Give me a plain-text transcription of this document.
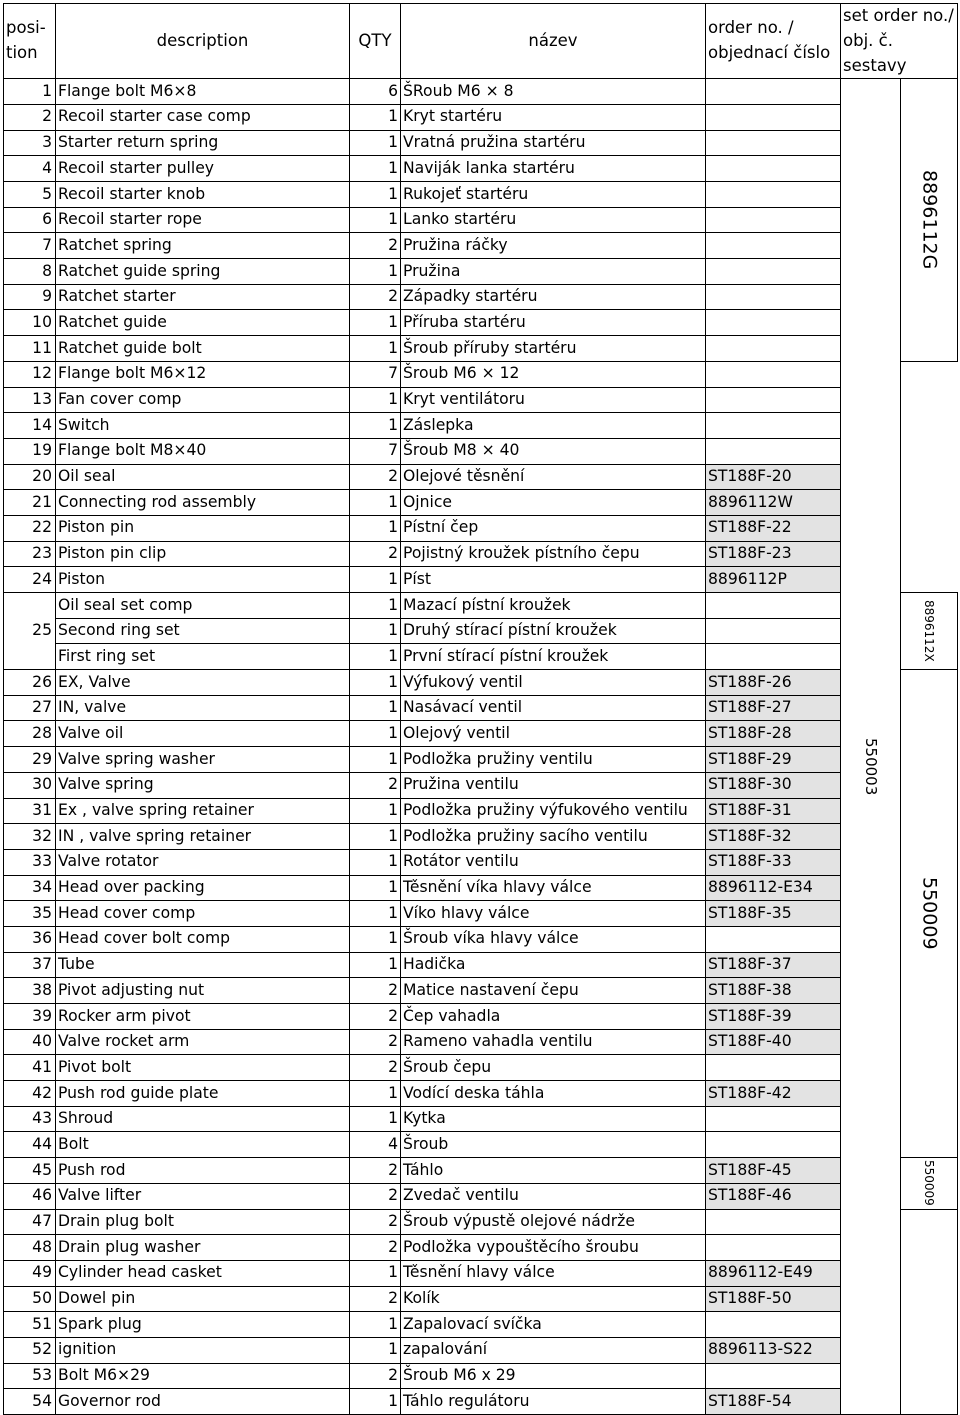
posi-
tion	description	QTY	název	order no. /
objednací číslo	set order no./
obj. č. sestavy	
1	Flange bolt M6×8	6	ŠRoub M6 × 8		550003	8896112G

2	Recoil starter case comp	1	Kryt startéru			
3	Starter return spring	1	Vratná pružina startéru			
4	Recoil starter pulley	1	Naviják lanka startéru			
5	Recoil starter knob	1	Rukojeť startéru			
6	Recoil starter rope	1	Lanko startéru			
7	Ratchet spring	2	Pružina ráčky			
8	Ratchet guide spring	1	Pružina			
9	Ratchet starter	2	Západky startéru			
10	Ratchet guide	1	Příruba startéru			
11	Ratchet guide bolt	1	Šroub příruby startéru			
12	Flange bolt M6×12	7	Šroub M6 × 12			
13	Fan cover comp	1	Kryt ventilátoru			
14	Switch	1	Záslepka			
19	Flange bolt M8×40	7	Šroub M8 × 40			
20	Oil seal	2	Olejové těsnění	ST188F-20		
21	Connecting rod assembly	1	Ojnice	8896112W		
22	Piston pin	1	Pístní čep	ST188F-22		
23	Piston pin clip	2	Pojistný kroužek pístního čepu	ST188F-23		
24	Piston	1	Píst	8896112P		
25	Oil seal set comp	1	Mazací pístní kroužek			8896112X

	Second ring set	1	Druhý stírací pístní kroužek			
	First ring set	1	První stírací pístní kroužek			
26	EX, Valve	1	Výfukový ventil	ST188F-26		550009

27	IN, valve	1	Nasávací ventil	ST188F-27		
28	Valve oil	1	Olejový ventil	ST188F-28		
29	Valve spring washer	1	Podložka pružiny ventilu	ST188F-29		
30	Valve spring	2	Pružina ventilu	ST188F-30		
31	Ex , valve spring retainer	1	Podložka pružiny výfukového ventilu	ST188F-31		
32	IN , valve spring retainer	1	Podložka pružiny sacího ventilu	ST188F-32		
33	Valve rotator	1	Rotátor ventilu	ST188F-33		
34	Head over packing	1	Těsnění víka hlavy válce	8896112-E34		
35	Head cover comp	1	Víko hlavy válce	ST188F-35		
36	Head cover bolt comp	1	Šroub víka hlavy válce			
37	Tube	1	Hadička	ST188F-37		
38	Pivot adjusting nut	2	Matice nastavení čepu	ST188F-38		
39	Rocker arm pivot	2	Čep vahadla	ST188F-39		
40	Valve rocket arm	2	Rameno vahadla ventilu	ST188F-40		
41	Pivot bolt	2	Šroub čepu			
42	Push rod guide plate	1	Vodící deska táhla	ST188F-42		
43	Shroud	1	Kytka			
44	Bolt	4	Šroub			
45	Push rod	2	Táhlo	ST188F-45		550009

46	Valve lifter	2	Zvedač ventilu	ST188F-46		
47	Drain plug bolt	2	Šroub výpustě olejové nádrže			
48	Drain plug washer	2	Podložka vypouštěcího šroubu			
49	Cylinder head casket	1	Těsnění hlavy válce	8896112-E49		
50	Dowel pin	2	Kolík	ST188F-50		
51	Spark plug	1	Zapalovací svíčka			
52	ignition	1	zapalování	8896113-S22		
53	Bolt M6×29	2	Šroub M6 x 29			
54	Governor rod	1	Táhlo regulátoru	ST188F-54		
